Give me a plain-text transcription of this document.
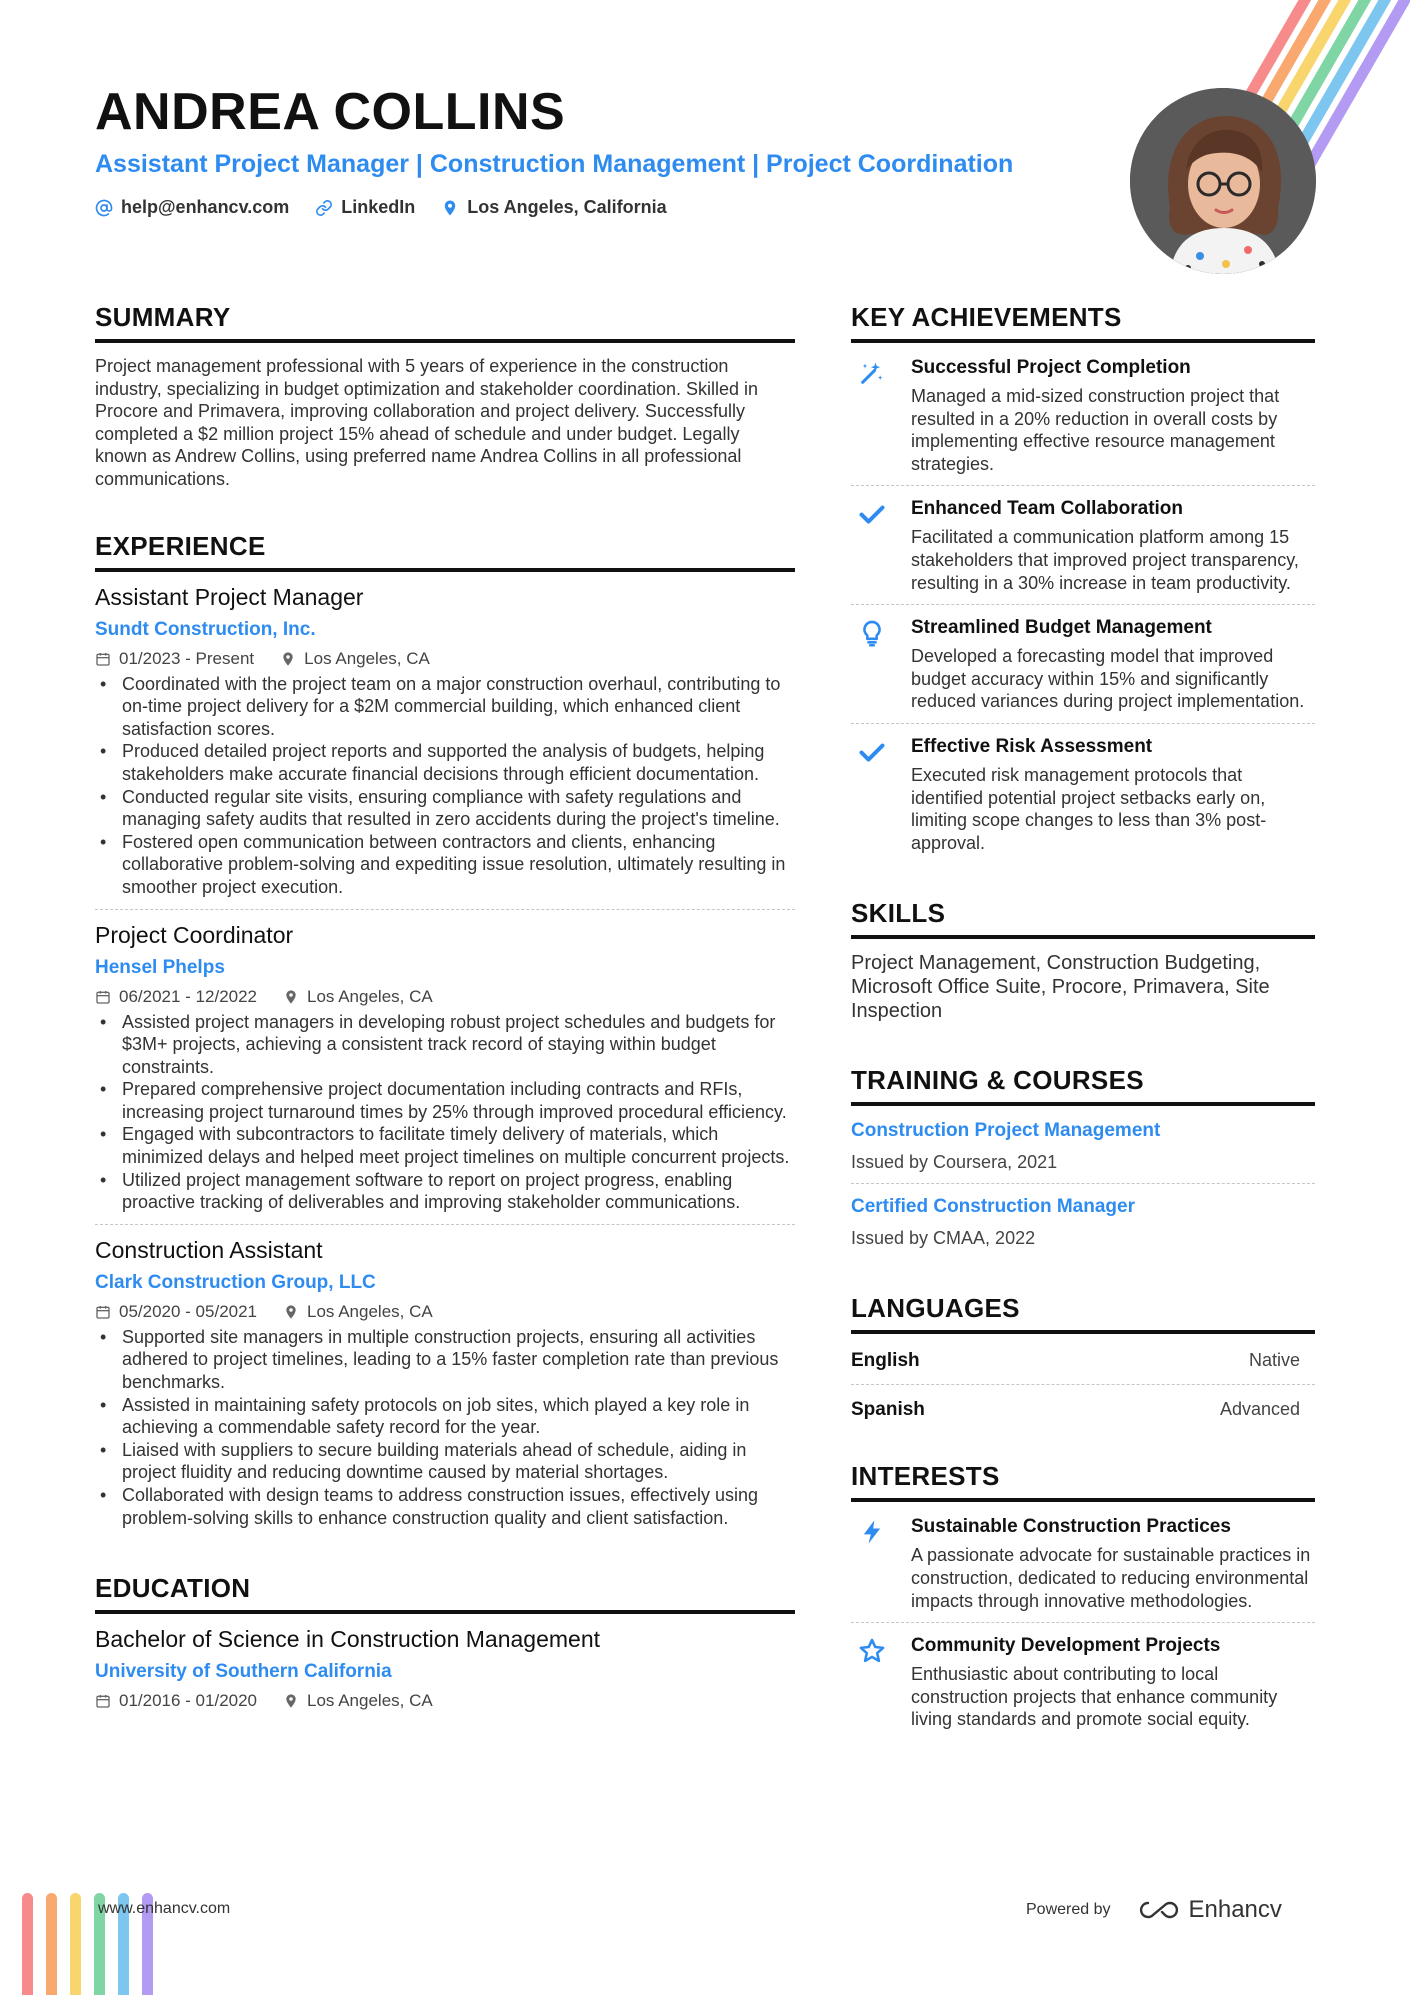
ANDREA COLLINS
Assistant Project Manager | Construction Management | Project Coordination
help@enhancv.com	LinkedIn	Los Angeles, California
SUMMARY
Project management professional with 5 years of experience in the construction industry, specializing in budget optimization and stakeholder coordination. Skilled in Procore and Primavera, improving collaboration and project delivery. Successfully completed a $2 million project 15% ahead of schedule and under budget. Legally known as Andrew Collins, using preferred name Andrea Collins in all professional communications.
EXPERIENCE
Assistant Project Manager
Sundt Construction, Inc.
01/2023 - Present	Los Angeles, CA
• Coordinated with the project team on a major construction overhaul, contributing to on-time project delivery for a $2M commercial building, which enhanced client satisfaction scores.
• Produced detailed project reports and supported the analysis of budgets, helping stakeholders make accurate financial decisions through efficient documentation.
• Conducted regular site visits, ensuring compliance with safety regulations and managing safety audits that resulted in zero accidents during the project's timeline.
• Fostered open communication between contractors and clients, enhancing collaborative problem-solving and expediting issue resolution, ultimately resulting in smoother project execution.
Project Coordinator
Hensel Phelps
06/2021 - 12/2022	Los Angeles, CA
• Assisted project managers in developing robust project schedules and budgets for $3M+ projects, achieving a consistent track record of staying within budget constraints.
• Prepared comprehensive project documentation including contracts and RFIs, increasing project turnaround times by 25% through improved procedural efficiency.
• Engaged with subcontractors to facilitate timely delivery of materials, which minimized delays and helped meet project timelines on multiple concurrent projects.
• Utilized project management software to report on project progress, enabling proactive tracking of deliverables and improving stakeholder communications.
Construction Assistant
Clark Construction Group, LLC
05/2020 - 05/2021	Los Angeles, CA
• Supported site managers in multiple construction projects, ensuring all activities adhered to project timelines, leading to a 15% faster completion rate than previous benchmarks.
• Assisted in maintaining safety protocols on job sites, which played a key role in achieving a commendable safety record for the year.
• Liaised with suppliers to secure building materials ahead of schedule, aiding in project fluidity and reducing downtime caused by material shortages.
• Collaborated with design teams to address construction issues, effectively using problem-solving skills to enhance construction quality and client satisfaction.
EDUCATION
Bachelor of Science in Construction Management
University of Southern California
01/2016 - 01/2020	Los Angeles, CA
KEY ACHIEVEMENTS
Successful Project Completion
Managed a mid-sized construction project that resulted in a 20% reduction in overall costs by implementing effective resource management strategies.
Enhanced Team Collaboration
Facilitated a communication platform among 15 stakeholders that improved project transparency, resulting in a 30% increase in team productivity.
Streamlined Budget Management
Developed a forecasting model that improved budget accuracy within 15% and significantly reduced variances during project implementation.
Effective Risk Assessment
Executed risk management protocols that identified potential project setbacks early on, limiting scope changes to less than 3% post-approval.
SKILLS
Project Management, Construction Budgeting, Microsoft Office Suite, Procore, Primavera, Site Inspection
TRAINING & COURSES
Construction Project Management
Issued by Coursera, 2021
Certified Construction Manager
Issued by CMAA, 2022
LANGUAGES
English	Native
Spanish	Advanced
INTERESTS
Sustainable Construction Practices
A passionate advocate for sustainable practices in construction, dedicated to reducing environmental impacts through innovative methodologies.
Community Development Projects
Enthusiastic about contributing to local construction projects that enhance community living standards and promote social equity.
www.enhancv.com	Powered by	Enhancv
